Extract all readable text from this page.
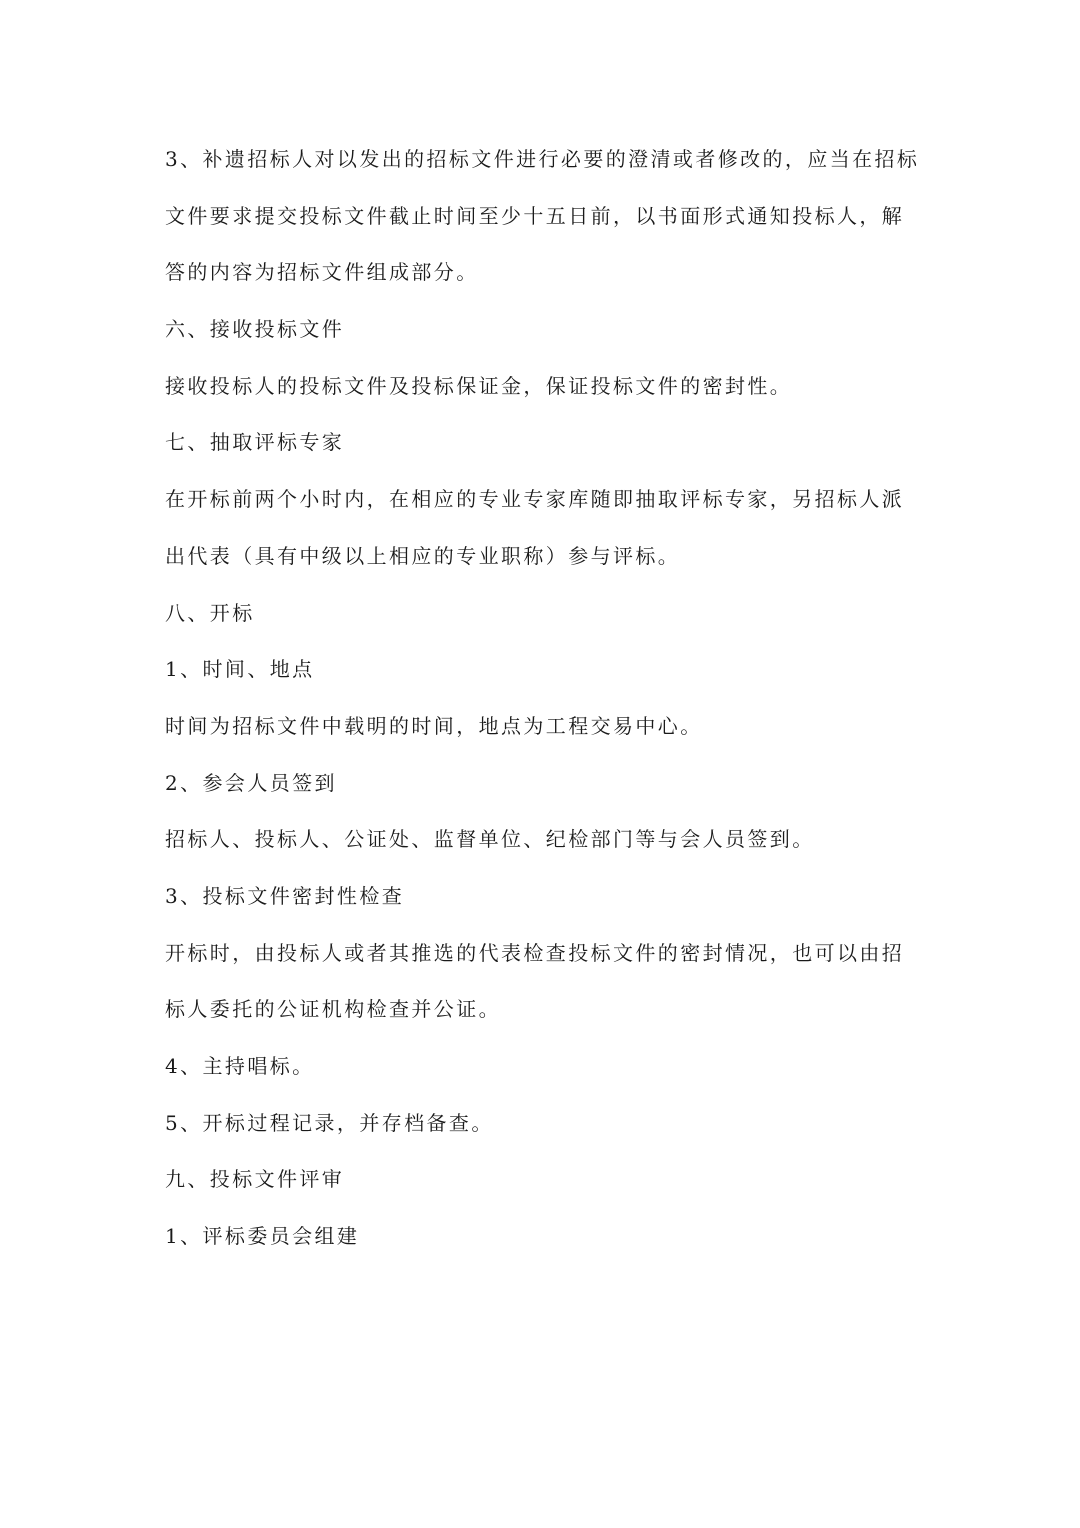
3、补遗招标人对以发出的招标文件进行必要的澄清或者修改的，应当在招标
文件要求提交投标文件截止时间至少十五日前，以书面形式通知投标人，解
答的内容为招标文件组成部分。
六、接收投标文件
接收投标人的投标文件及投标保证金，保证投标文件的密封性。
七、抽取评标专家
在开标前两个小时内，在相应的专业专家库随即抽取评标专家，另招标人派
出代表（具有中级以上相应的专业职称）参与评标。
八、开标
1、时间、地点
时间为招标文件中载明的时间，地点为工程交易中心。
2、参会人员签到
招标人、投标人、公证处、监督单位、纪检部门等与会人员签到。
3、投标文件密封性检查
开标时，由投标人或者其推选的代表检查投标文件的密封情况，也可以由招
标人委托的公证机构检查并公证。
4、主持唱标。
5、开标过程记录，并存档备查。
九、投标文件评审
1、评标委员会组建
